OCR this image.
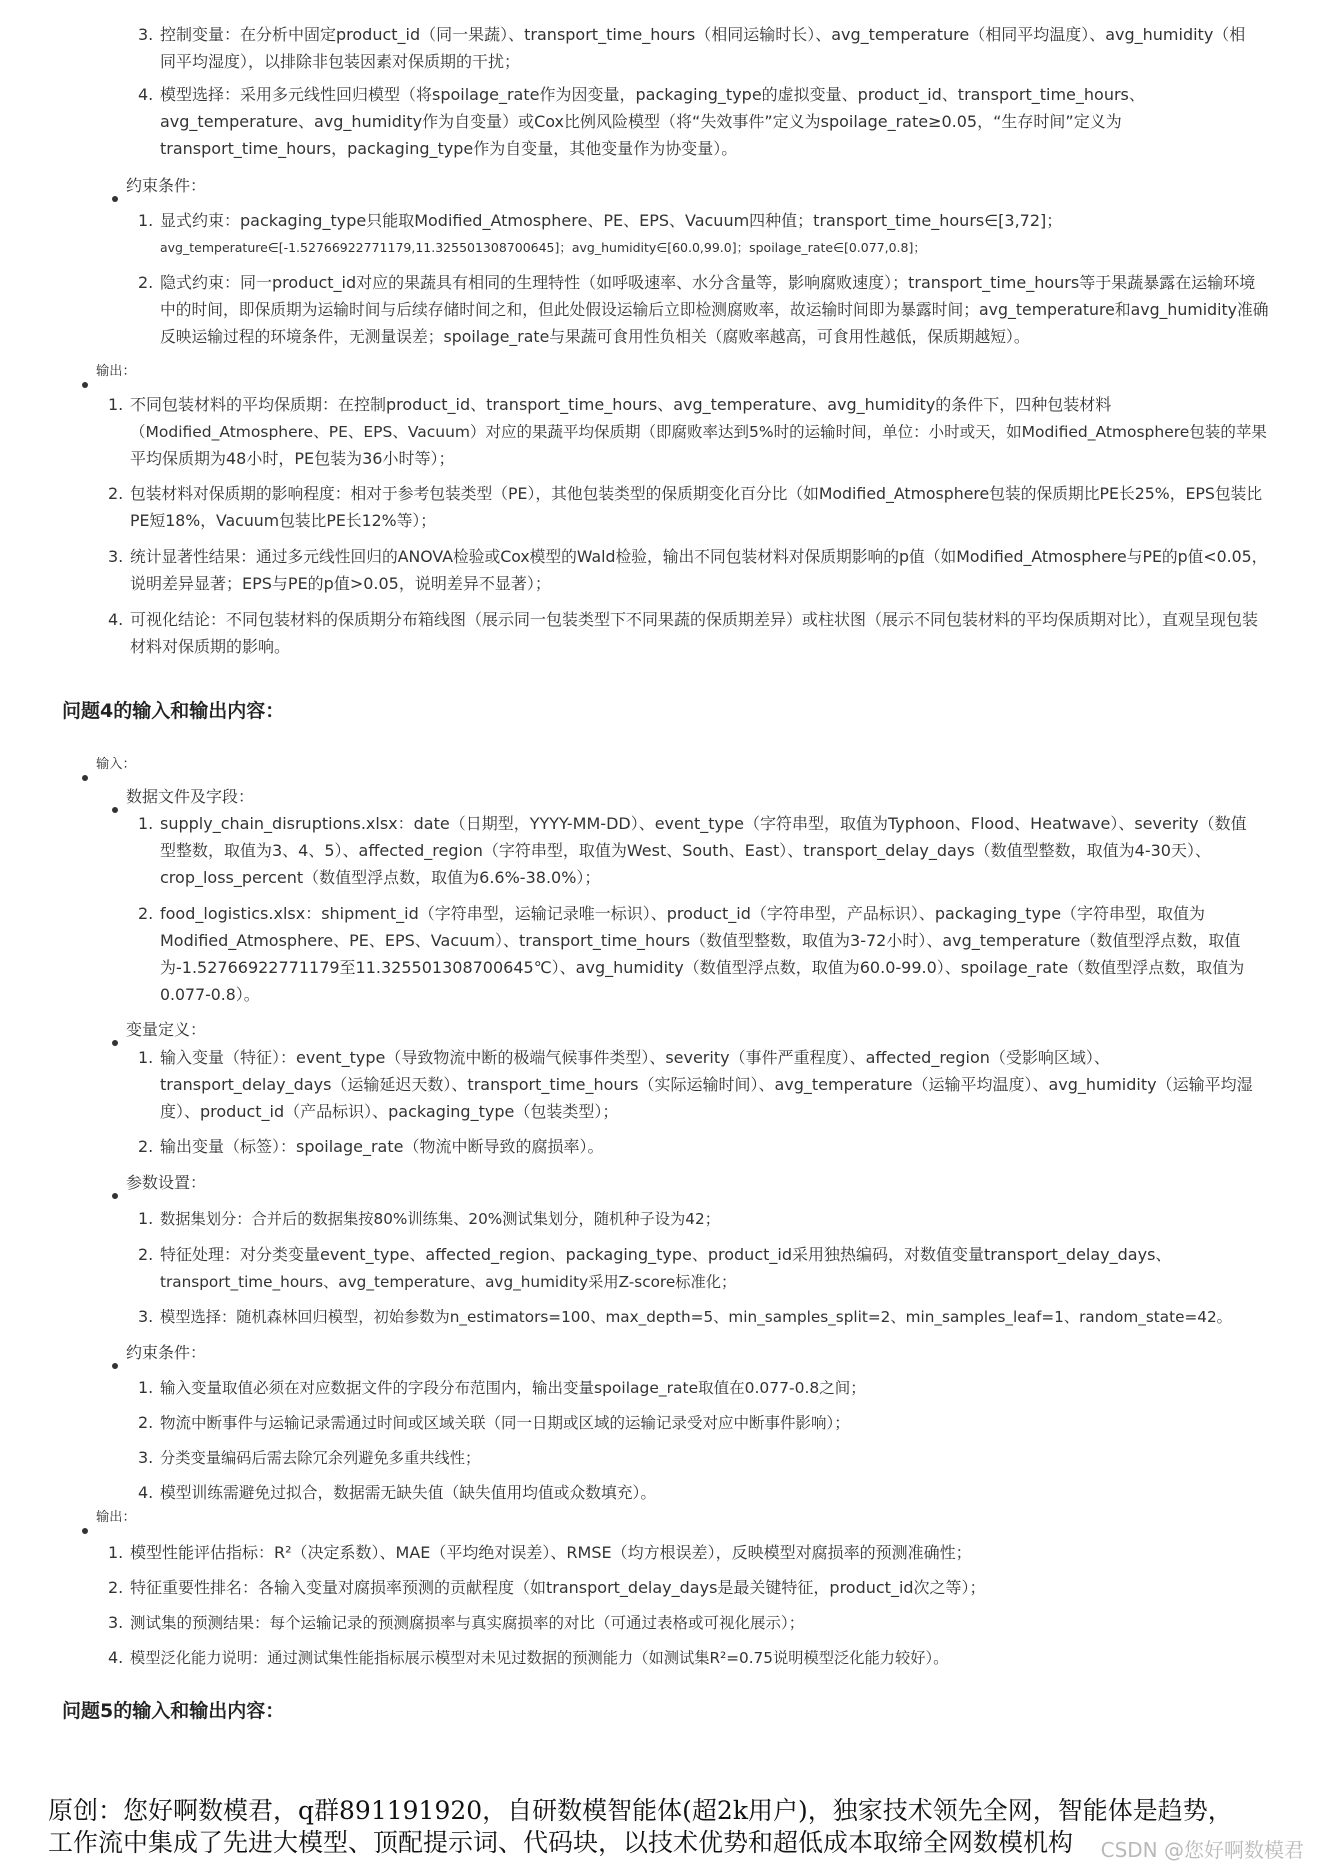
3. 控制变量：在分析中固定product_id（同一果蔬）、transport_time_hours（相同运输时长）、avg_temperature（相同平均温度）、avg_humidity（相
同平均湿度），以排除非包装因素对保质期的干扰；
4. 模型选择：采用多元线性回归模型（将spoilage_rate作为因变量，packaging_type的虚拟变量、product_id、transport_time_hours、
avg_temperature、avg_humidity作为自变量）或Cox比例风险模型（将“失效事件”定义为spoilage_rate≥0.05，“生存时间”定义为
transport_time_hours，packaging_type作为自变量，其他变量作为协变量）。
约束条件：
1. 显式约束：packaging_type只能取Modified_Atmosphere、PE、EPS、Vacuum四种值；transport_time_hours∈[3,72]；
avg_temperature∈[-1.52766922771179,11.325501308700645]；avg_humidity∈[60.0,99.0]；spoilage_rate∈[0.077,0.8]；
2. 隐式约束：同一product_id对应的果蔬具有相同的生理特性（如呼吸速率、水分含量等，影响腐败速度）；transport_time_hours等于果蔬暴露在运输环境
中的时间，即保质期为运输时间与后续存储时间之和，但此处假设运输后立即检测腐败率，故运输时间即为暴露时间；avg_temperature和avg_humidity准确
反映运输过程的环境条件，无测量误差；spoilage_rate与果蔬可食用性负相关（腐败率越高，可食用性越低，保质期越短）。
输出：
1. 不同包装材料的平均保质期：在控制product_id、transport_time_hours、avg_temperature、avg_humidity的条件下，四种包装材料
（Modified_Atmosphere、PE、EPS、Vacuum）对应的果蔬平均保质期（即腐败率达到5%时的运输时间，单位：小时或天，如Modified_Atmosphere包装的苹果
平均保质期为48小时，PE包装为36小时等）；
2. 包装材料对保质期的影响程度：相对于参考包装类型（PE），其他包装类型的保质期变化百分比（如Modified_Atmosphere包装的保质期比PE长25%，EPS包装比
PE短18%，Vacuum包装比PE长12%等）；
3. 统计显著性结果：通过多元线性回归的ANOVA检验或Cox模型的Wald检验，输出不同包装材料对保质期影响的p值（如Modified_Atmosphere与PE的p值<0.05，
说明差异显著；EPS与PE的p值>0.05，说明差异不显著）；
4. 可视化结论：不同包装材料的保质期分布箱线图（展示同一包装类型下不同果蔬的保质期差异）或柱状图（展示不同包装材料的平均保质期对比），直观呈现包装
材料对保质期的影响。
问题4的输入和输出内容：
输入：
数据文件及字段：
1. supply_chain_disruptions.xlsx：date（日期型，YYYY-MM-DD）、event_type（字符串型，取值为Typhoon、Flood、Heatwave）、severity（数值
型整数，取值为3、4、5）、affected_region（字符串型，取值为West、South、East）、transport_delay_days（数值型整数，取值为4-30天）、
crop_loss_percent（数值型浮点数，取值为6.6%-38.0%）；
2. food_logistics.xlsx：shipment_id（字符串型，运输记录唯一标识）、product_id（字符串型，产品标识）、packaging_type（字符串型，取值为
Modified_Atmosphere、PE、EPS、Vacuum）、transport_time_hours（数值型整数，取值为3-72小时）、avg_temperature（数值型浮点数，取值
为-1.52766922771179至11.325501308700645℃）、avg_humidity（数值型浮点数，取值为60.0-99.0）、spoilage_rate（数值型浮点数，取值为
0.077-0.8）。
变量定义：
1. 输入变量（特征）：event_type（导致物流中断的极端气候事件类型）、severity（事件严重程度）、affected_region（受影响区域）、
transport_delay_days（运输延迟天数）、transport_time_hours（实际运输时间）、avg_temperature（运输平均温度）、avg_humidity（运输平均湿
度）、product_id（产品标识）、packaging_type（包装类型）；
2. 输出变量（标签）：spoilage_rate（物流中断导致的腐损率）。
参数设置：
1. 数据集划分：合并后的数据集按80%训练集、20%测试集划分，随机种子设为42；
2. 特征处理：对分类变量event_type、affected_region、packaging_type、product_id采用独热编码，对数值变量transport_delay_days、
transport_time_hours、avg_temperature、avg_humidity采用Z-score标准化；
3. 模型选择：随机森林回归模型，初始参数为n_estimators=100、max_depth=5、min_samples_split=2、min_samples_leaf=1、random_state=42。
约束条件：
1. 输入变量取值必须在对应数据文件的字段分布范围内，输出变量spoilage_rate取值在0.077-0.8之间；
2. 物流中断事件与运输记录需通过时间或区域关联（同一日期或区域的运输记录受对应中断事件影响）；
3. 分类变量编码后需去除冗余列避免多重共线性；
4. 模型训练需避免过拟合，数据需无缺失值（缺失值用均值或众数填充）。
输出：
1. 模型性能评估指标：R²（决定系数）、MAE（平均绝对误差）、RMSE（均方根误差），反映模型对腐损率的预测准确性；
2. 特征重要性排名：各输入变量对腐损率预测的贡献程度（如transport_delay_days是最关键特征，product_id次之等）；
3. 测试集的预测结果：每个运输记录的预测腐损率与真实腐损率的对比（可通过表格或可视化展示）；
4. 模型泛化能力说明：通过测试集性能指标展示模型对未见过数据的预测能力（如测试集R²=0.75说明模型泛化能力较好）。
问题5的输入和输出内容：
原创：您好啊数模君，q群891191920，自研数模智能体(超2k用户)，独家技术领先全网，智能体是趋势，
工作流中集成了先进大模型、顶配提示词、代码块，以技术优势和超低成本取缔全网数模机构	CSDN @您好啊数模君
